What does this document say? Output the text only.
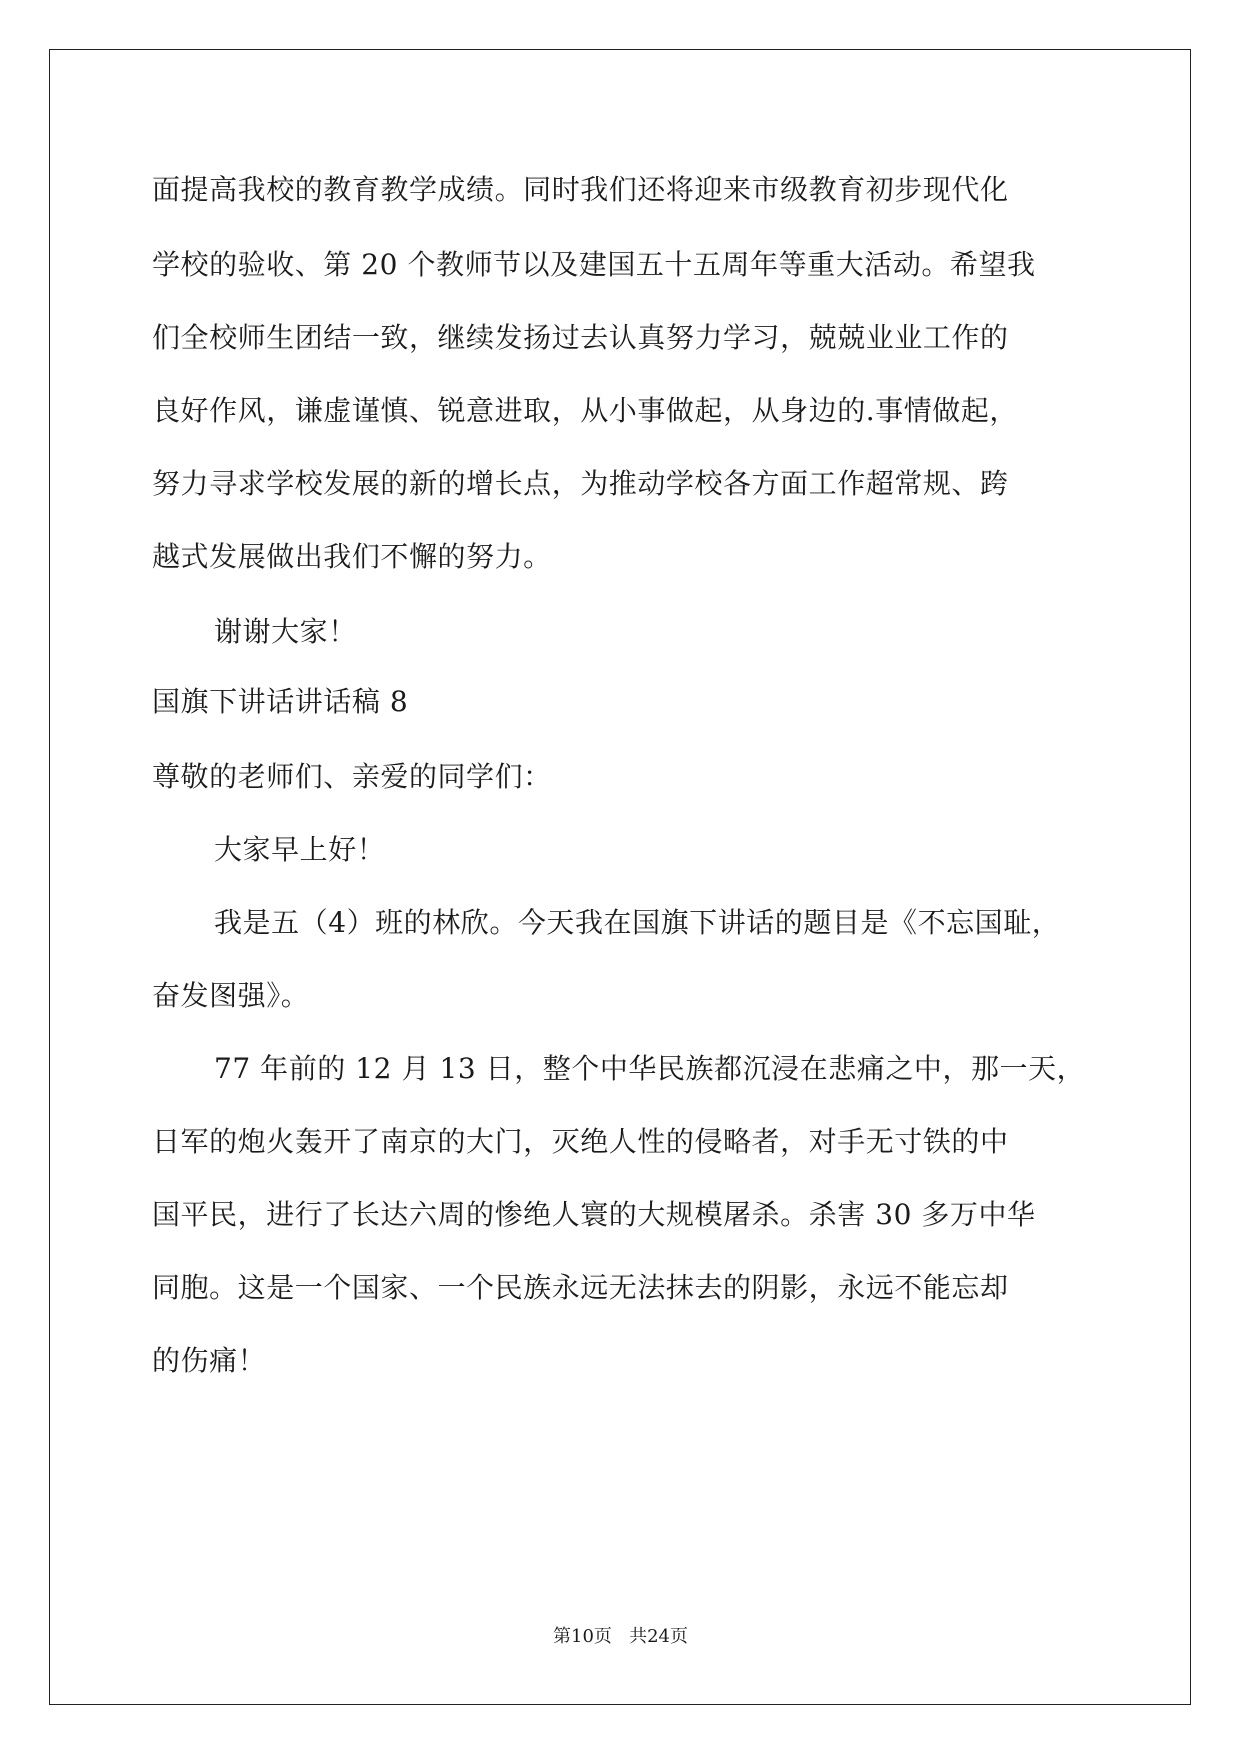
面提高我校的教育教学成绩。同时我们还将迎来市级教育初步现代化
学校的验收、第 20 个教师节以及建国五十五周年等重大活动。希望我
们全校师生团结一致，继续发扬过去认真努力学习，兢兢业业工作的
良好作风，谦虚谨慎、锐意进取，从小事做起，从身边的.事情做起，
努力寻求学校发展的新的增长点，为推动学校各方面工作超常规、跨
越式发展做出我们不懈的努力。
谢谢大家！
国旗下讲话讲话稿 8
尊敬的老师们、亲爱的同学们：
大家早上好！
我是五（4）班的林欣。今天我在国旗下讲话的题目是《不忘国耻，
奋发图强》。
77 年前的 12 月 13 日，整个中华民族都沉浸在悲痛之中，那一天，
日军的炮火轰开了南京的大门，灭绝人性的侵略者，对手无寸铁的中
国平民，进行了长达六周的惨绝人寰的大规模屠杀。杀害 30 多万中华
同胞。这是一个国家、一个民族永远无法抹去的阴影，永远不能忘却
的伤痛！
第10页   共24页
